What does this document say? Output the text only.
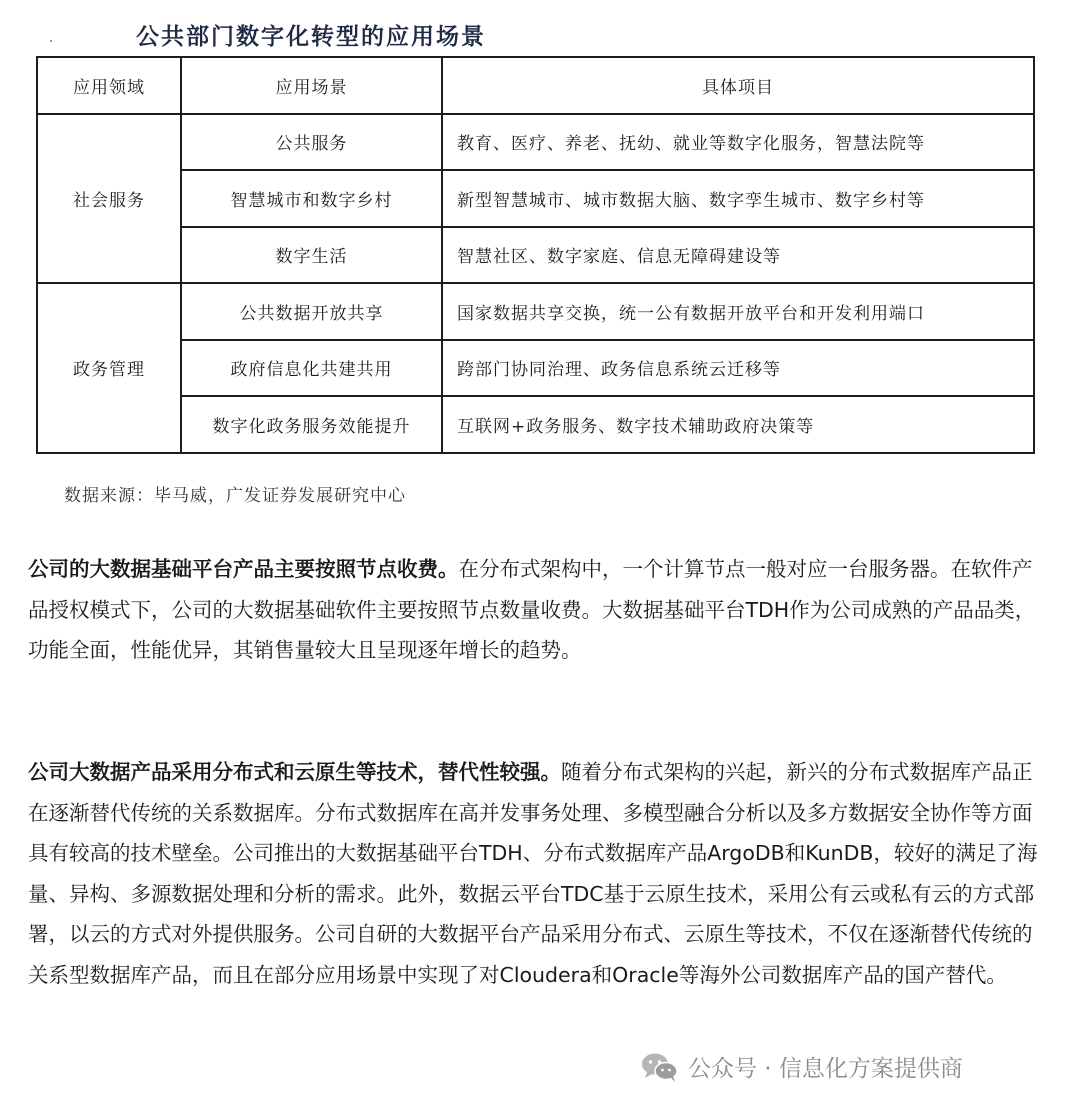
公共部门数字化转型的应用场景
应用领域	应用场景	具体项目
社会服务	公共服务	教育、医疗、养老、抚幼、就业等数字化服务，智慧法院等
	智慧城市和数字乡村	新型智慧城市、城市数据大脑、数字孪生城市、数字乡村等
	数字生活	智慧社区、数字家庭、信息无障碍建设等
政务管理	公共数据开放共享	国家数据共享交换，统一公有数据开放平台和开发利用端口
	政府信息化共建共用	跨部门协同治理、政务信息系统云迁移等
	数字化政务服务效能提升	互联网+政务服务、数字技术辅助政府决策等
数据来源：毕马威，广发证券发展研究中心

公司的大数据基础平台产品主要按照节点收费。在分布式架构中，一个计算节点一般对应一台服务器。在软件产品授权模式下，公司的大数据基础软件主要按照节点数量收费。大数据基础平台TDH作为公司成熟的产品品类，功能全面，性能优异，其销售量较大且呈现逐年增长的趋势。

公司大数据产品采用分布式和云原生等技术，替代性较强。随着分布式架构的兴起，新兴的分布式数据库产品正在逐渐替代传统的关系数据库。分布式数据库在高并发事务处理、多模型融合分析以及多方数据安全协作等方面具有较高的技术壁垒。公司推出的大数据基础平台TDH、分布式数据库产品ArgoDB和KunDB，较好的满足了海量、异构、多源数据处理和分析的需求。此外，数据云平台TDC基于云原生技术，采用公有云或私有云的方式部署，以云的方式对外提供服务。公司自研的大数据平台产品采用分布式、云原生等技术，不仅在逐渐替代传统的关系型数据库产品，而且在部分应用场景中实现了对Cloudera和Oracle等海外公司数据库产品的国产替代。

公众号 · 信息化方案提供商
